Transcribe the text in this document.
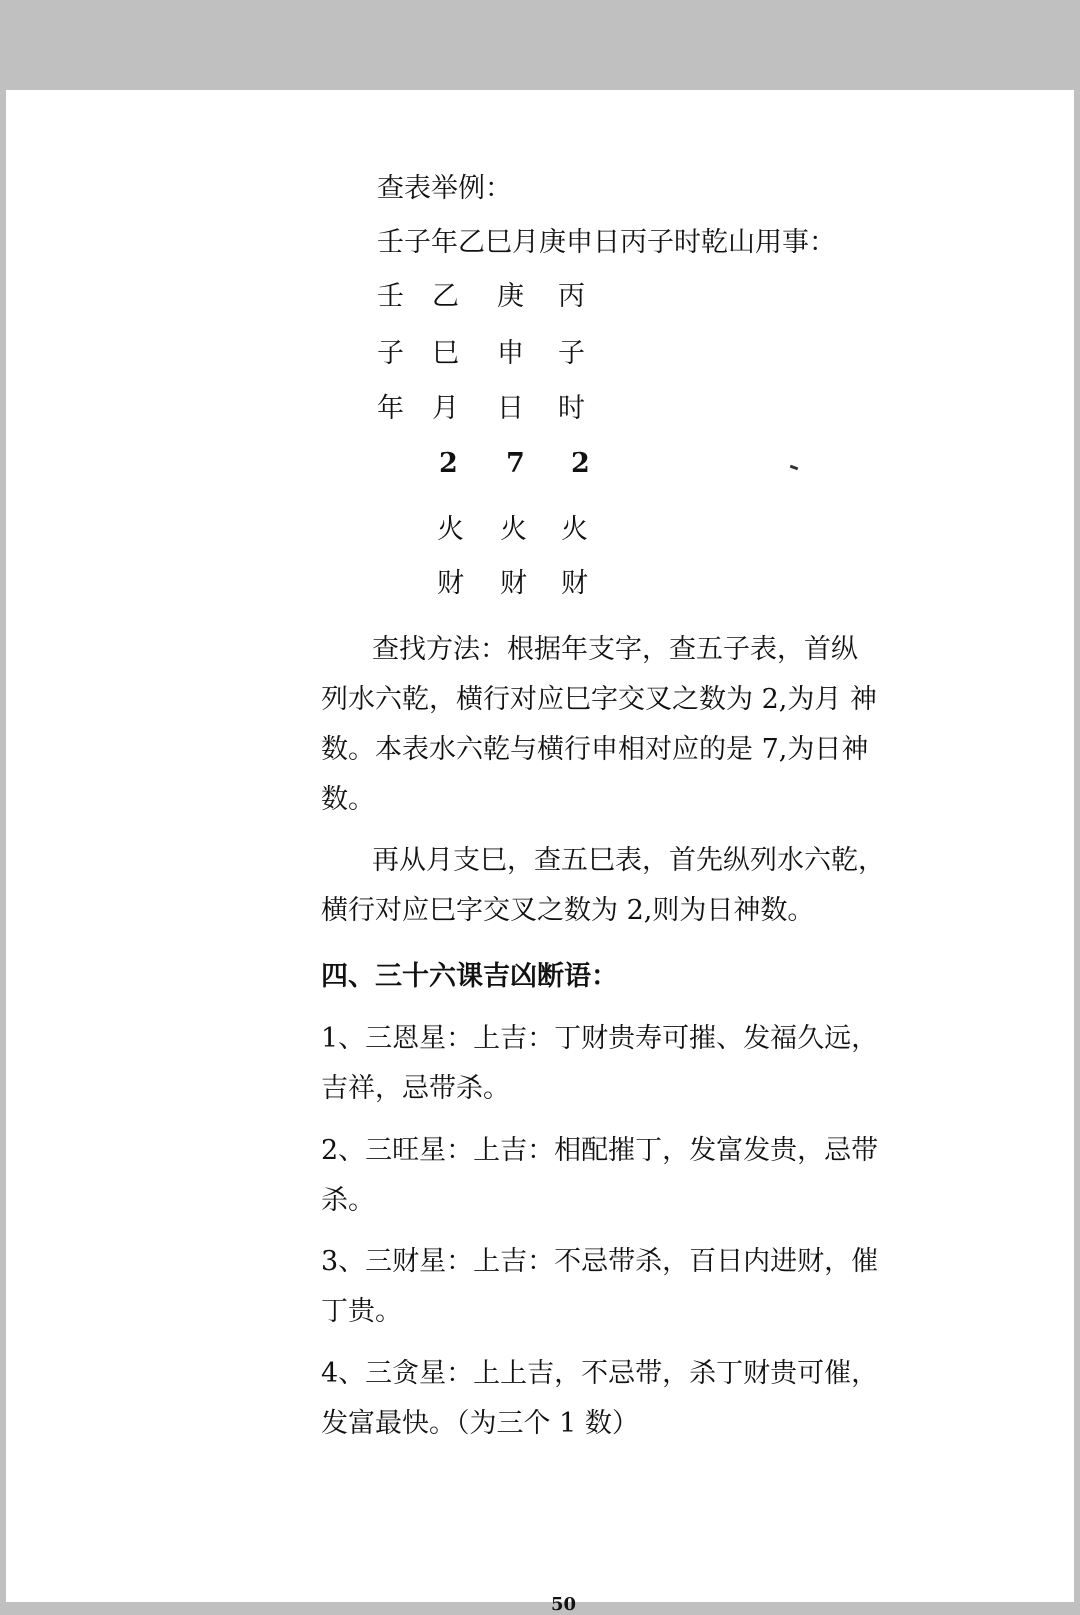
查表举例：
壬子年乙巳月庚申日丙子时乾山用事：
壬 乙 庚 丙
子 巳 申 子
年 月 日 时
2 7 2
火 火 火
财 财 财
查找方法：根据年支字，查五子表，首纵
列水六乾，横行对应巳字交叉之数为 2,为月 神
数。本表水六乾与横行申相对应的是 7,为日神
数。
再从月支巳，查五巳表，首先纵列水六乾，
横行对应巳字交叉之数为 2,则为日神数。
四、三十六课吉凶断语：
1、三恩星：上吉：丁财贵寿可摧、发福久远，
吉祥，忌带杀。
2、三旺星：上吉：相配摧丁，发富发贵，忌带
杀。
3、三财星：上吉：不忌带杀，百日内进财，催
丁贵。
4、三贪星：上上吉，不忌带，杀丁财贵可催，
发富最快。（为三个 1 数）
50
